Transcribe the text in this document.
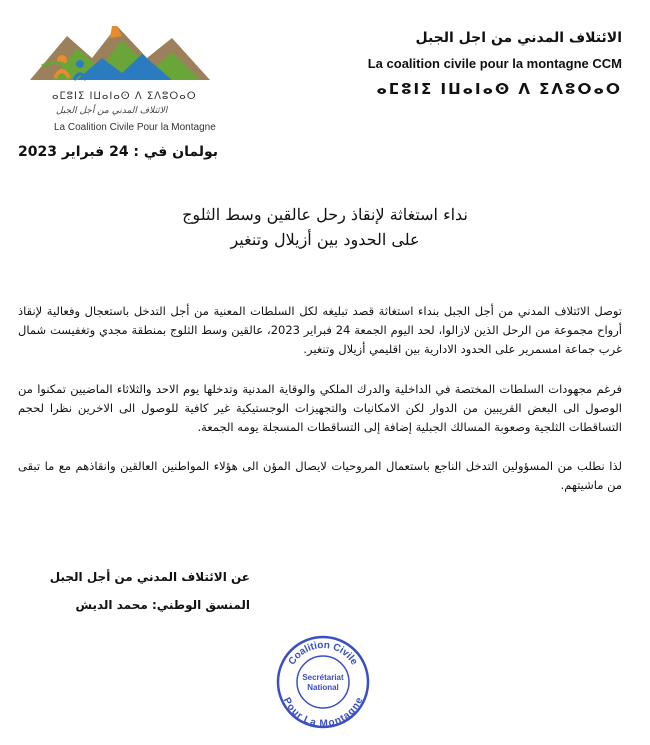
ⴰⵎⵓⵏⵉ ⵏⵡⴰⵏⴰⵙ ⴷ ⵉⴷⵓⵔⴰⵔ
الائتلاف المدني من أجل الجبل
La Coalition Civile Pour la Montagne
الائتلاف المدني من اجل الجبل
La coalition civile pour la montagne CCM
ⴰⵎⵓⵏⵉ ⵏⵡⴰⵏⴰⵙ ⴷ ⵉⴷⵓⵔⴰⵔ
بولمان في : 24 فبراير 2023
نداء استغاثة لإنقاذ رحل عالقين وسط الثلوج
على الحدود بين أزيلال وتنغير
توصل الائتلاف المدني من أجل الجبل بنداء استغاثة قصد تبليغه لكل السلطات المعنية من أجل التدخل باستعجال وفعالية لإنقاذ أرواح مجموعة من الرحل الذين لازالوا، لحد اليوم الجمعة 24 فبراير 2023، عالقين وسط الثلوج بمنطقة مجدي وتغفيست شمال غرب جماعة امسمرير على الحدود الادارية بين اقليمي أزيلال وتنغير.
فرغم مجهودات السلطات المختصة في الداخلية والدرك الملكي والوقاية المدنية وتدخلها يوم الاحد والثلاثاء الماضيين تمكنوا من الوصول الى البعض القريبين من الدوار لكن الامكانيات والتجهيزات الوجستيكية غير كافية للوصول الى الاخرين نظرا لحجم التساقطات الثلجية وصعوبة المسالك الجبلية إضافة إلى التساقطات المسجلة يومه الجمعة.
لذا نطلب من المسؤولين التدخل الناجع باستعمال المروحيات لايصال المؤن الى هؤلاء المواطنين العالقين وانقاذهم مع ما تبقى من ماشيتهم.
عن الائتلاف المدني من أجل الجبل
المنسق الوطني: محمد الديش
Coalition Civile
Pour La Montagne
Secrétariat
National
